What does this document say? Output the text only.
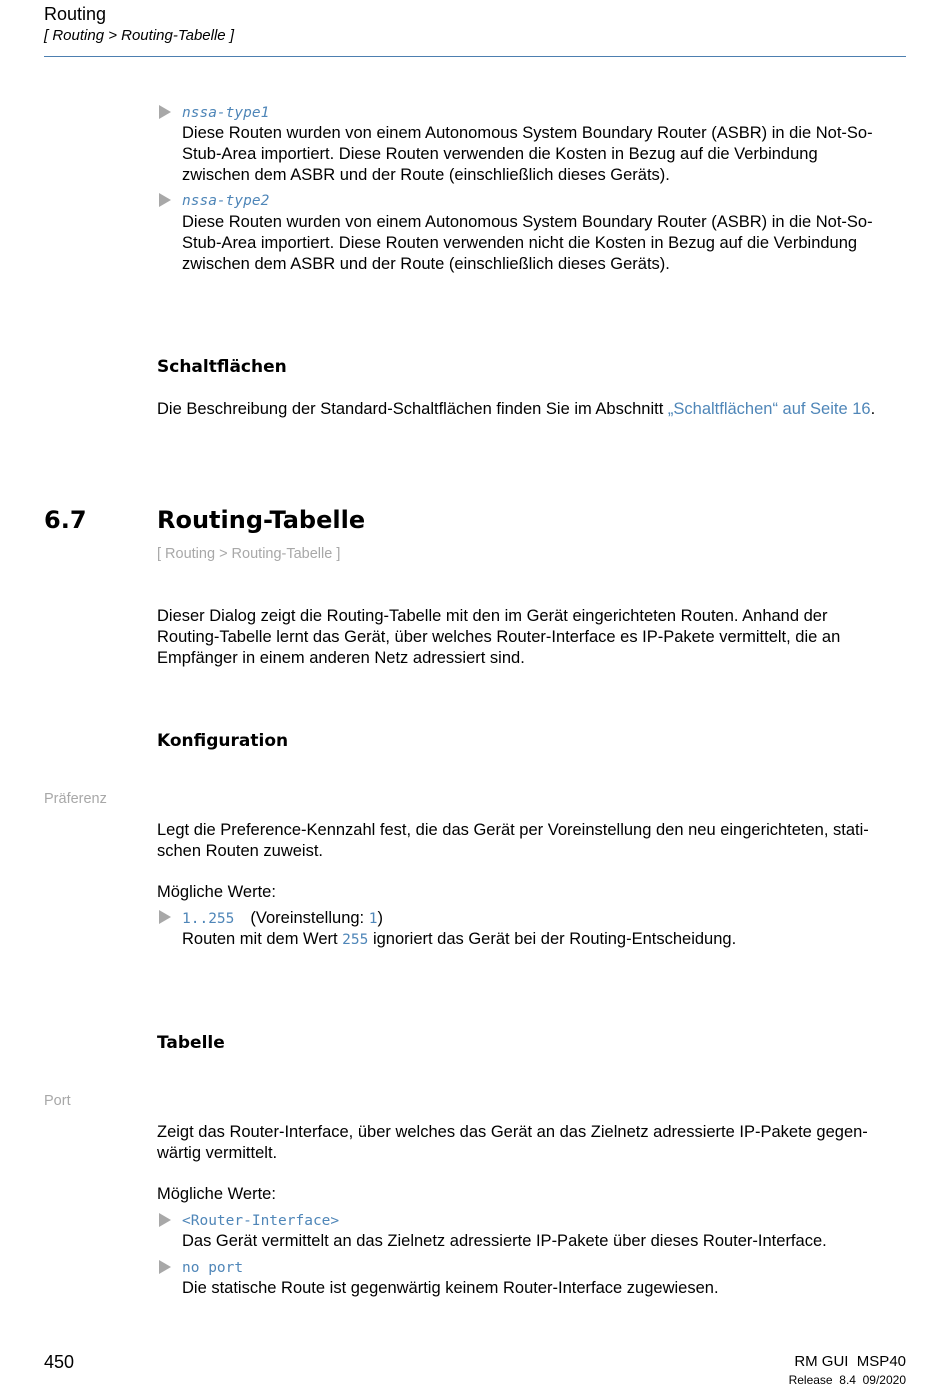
Routing
[ Routing > Routing-Tabelle ]
nssa-type1
Diese Routen wurden von einem Autonomous System Boundary Router (ASBR) in die Not-So-
Stub-Area importiert. Diese Routen verwenden die Kosten in Bezug auf die Verbindung
zwischen dem ASBR und der Route (einschließlich dieses Geräts).
nssa-type2
Diese Routen wurden von einem Autonomous System Boundary Router (ASBR) in die Not-So-
Stub-Area importiert. Diese Routen verwenden nicht die Kosten in Bezug auf die Verbindung
zwischen dem ASBR und der Route (einschließlich dieses Geräts).
Schaltflächen
Die Beschreibung der Standard-Schaltflächen finden Sie im Abschnitt „Schaltflächen“ auf Seite 16.
6.7	Routing-Tabelle
[ Routing > Routing-Tabelle ]
Dieser Dialog zeigt die Routing-Tabelle mit den im Gerät eingerichteten Routen. Anhand der
Routing-Tabelle lernt das Gerät, über welches Router-Interface es IP-Pakete vermittelt, die an
Empfänger in einem anderen Netz adressiert sind.
Konfiguration
Präferenz
Legt die Preference-Kennzahl fest, die das Gerät per Voreinstellung den neu eingerichteten, stati-
schen Routen zuweist.
Mögliche Werte:
1..255 (Voreinstellung: 1)
Routen mit dem Wert 255 ignoriert das Gerät bei der Routing-Entscheidung.
Tabelle
Port
Zeigt das Router-Interface, über welches das Gerät an das Zielnetz adressierte IP-Pakete gegen-
wärtig vermittelt.
Mögliche Werte:
<Router-Interface>
Das Gerät vermittelt an das Zielnetz adressierte IP-Pakete über dieses Router-Interface.
no port
Die statische Route ist gegenwärtig keinem Router-Interface zugewiesen.
450	RM GUI  MSP40
Release  8.4  09/2020
